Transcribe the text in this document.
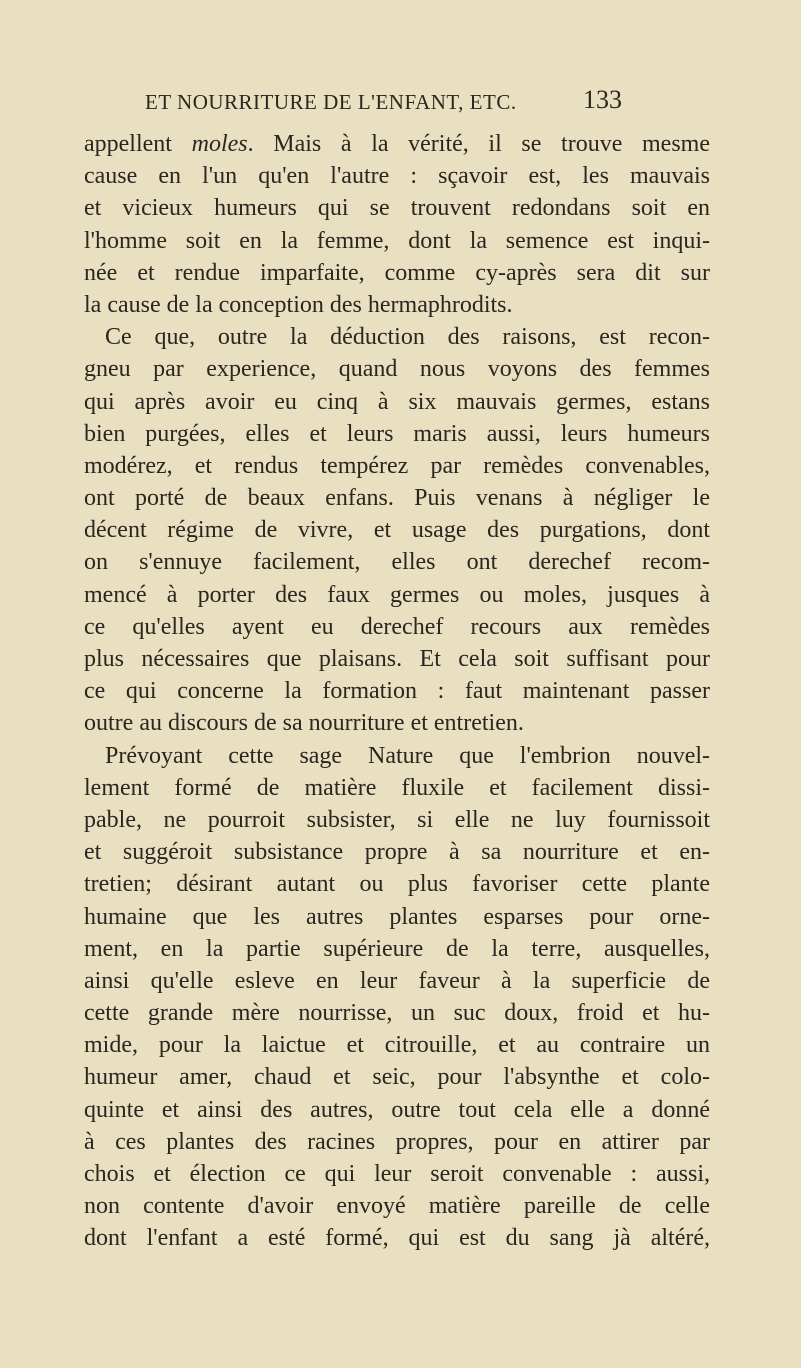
ET NOURRITURE DE L'ENFANT, ETC.	133
appellent moles. Mais à la vérité, il se trouve mesme
cause en l'un qu'en l'autre : sçavoir est, les mauvais
et vicieux humeurs qui se trouvent redondans soit en
l'homme soit en la femme, dont la semence est inqui-
née et rendue imparfaite, comme cy-après sera dit sur
la cause de la conception des hermaphrodits.
Ce que, outre la déduction des raisons, est recon-
gneu par experience, quand nous voyons des femmes
qui après avoir eu cinq à six mauvais germes, estans
bien purgées, elles et leurs maris aussi, leurs humeurs
modérez, et rendus tempérez par remèdes convenables,
ont porté de beaux enfans. Puis venans à négliger le
décent régime de vivre, et usage des purgations, dont
on s'ennuye facilement, elles ont derechef recom-
mencé à porter des faux germes ou moles, jusques à
ce qu'elles ayent eu derechef recours aux remèdes
plus nécessaires que plaisans. Et cela soit suffisant pour
ce qui concerne la formation : faut maintenant passer
outre au discours de sa nourriture et entretien.
Prévoyant cette sage Nature que l'embrion nouvel-
lement formé de matière fluxile et facilement dissi-
pable, ne pourroit subsister, si elle ne luy fournissoit
et suggéroit subsistance propre à sa nourriture et en-
tretien; désirant autant ou plus favoriser cette plante
humaine que les autres plantes esparses pour orne-
ment, en la partie supérieure de la terre, ausquelles,
ainsi qu'elle esleve en leur faveur à la superficie de
cette grande mère nourrisse, un suc doux, froid et hu-
mide, pour la laictue et citrouille, et au contraire un
humeur amer, chaud et seic, pour l'absynthe et colo-
quinte et ainsi des autres, outre tout cela elle a donné
à ces plantes des racines propres, pour en attirer par
chois et élection ce qui leur seroit convenable : aussi,
non contente d'avoir envoyé matière pareille de celle
dont l'enfant a esté formé, qui est du sang jà altéré,
